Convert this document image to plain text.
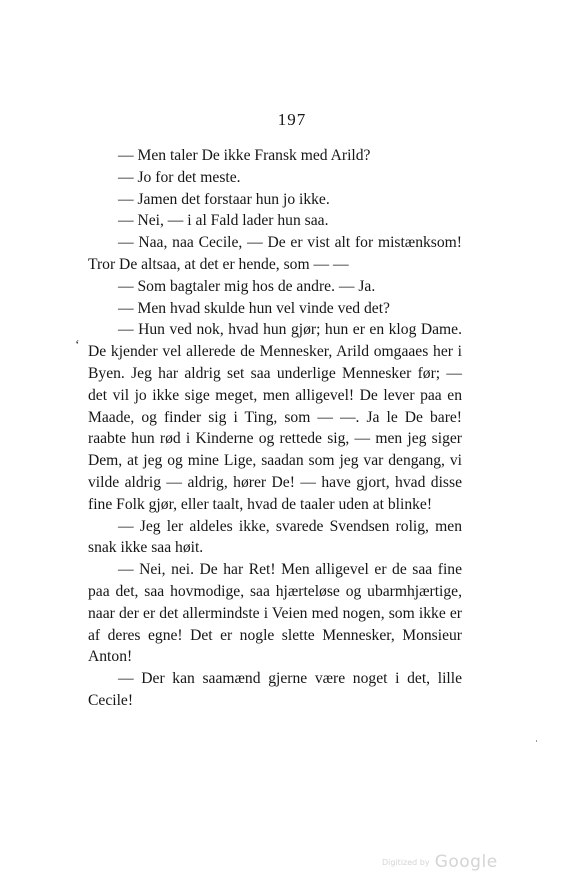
197
ʻ

— Men taler De ikke Fransk med Arild?

— Jo for det meste.

— Jamen det forstaar hun jo ikke.

— Nei, — i al Fald lader hun saa.

— Naa, naa Cecile, — De er vist alt for mistænksom! Tror De altsaa, at det er hende, som — —

— Som bagtaler mig hos de andre. — Ja.

— Men hvad skulde hun vel vinde ved det?

— Hun ved nok, hvad hun gjør; hun er en klog Dame. De kjender vel allerede de Mennesker, Arild omgaaes her i Byen. Jeg har aldrig set saa underlige Mennesker før; — det vil jo ikke sige meget, men alligevel! De lever paa en Maade, og finder sig i Ting, som — —. Ja le De bare! raabte hun rød i Kinderne og rettede sig, — men jeg siger Dem, at jeg og mine Lige, saadan som jeg var dengang, vi vilde aldrig — aldrig, hører De! — have gjort, hvad disse fine Folk gjør, eller taalt, hvad de taaler uden at blinke!

— Jeg ler aldeles ikke, svarede Svendsen rolig, men snak ikke saa høit.

— Nei, nei. De har Ret! Men alligevel er de saa fine paa det, saa hovmodige, saa hjærteløse og ubarmhjærtige, naar der er det allermindste i Veien med nogen, som ikke er af deres egne! Det er nogle slette Mennesker, Monsieur Anton!

— Der kan saamænd gjerne være noget i det, lille Cecile!

Digitized by Google
